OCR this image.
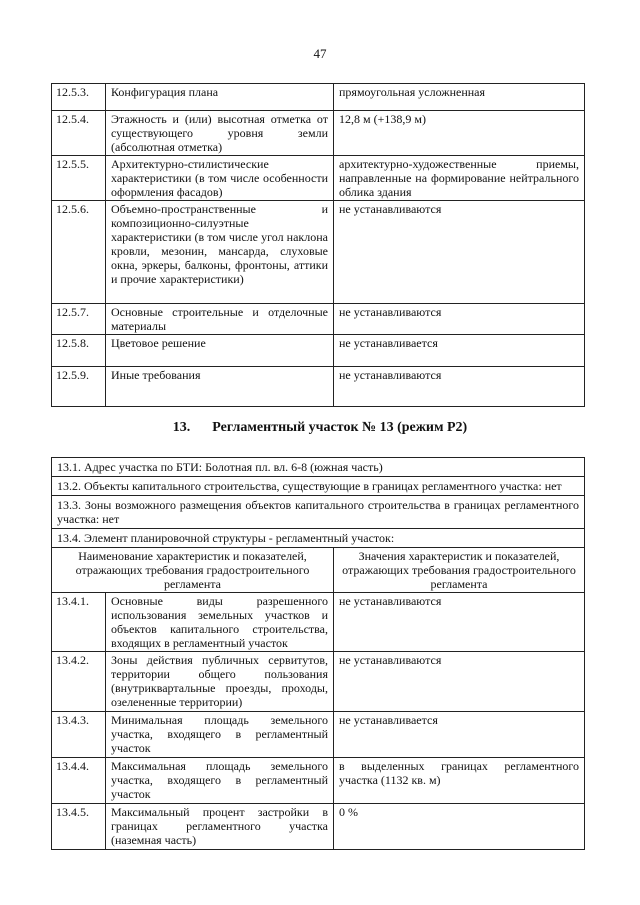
47
12.5.3.	Конфигурация плана	прямоугольная усложненная
12.5.4.	Этажность и (или) высотная отметка от существующего уровня земли (абсолютная отметка)	12,8 м (+138,9 м)
12.5.5.	Архитектурно-стилистические характеристики (в том числе особенности оформления фасадов)	архитектурно-художественные приемы, направленные на формирование нейтрального облика здания
12.5.6.	Объемно-пространственные и композиционно-силуэтные характеристики (в том числе угол наклона кровли, мезонин, мансарда, слуховые окна, эркеры, балконы, фронтоны, аттики и прочие характеристики)	не устанавливаются
12.5.7.	Основные строительные и отделочные материалы	не устанавливаются
12.5.8.	Цветовое решение	не устанавливается
12.5.9.	Иные требования	не устанавливаются
13. Регламентный участок № 13 (режим Р2)
13.1. Адрес участка по БТИ: Болотная пл. вл. 6-8 (южная часть)		
13.2. Объекты капитального строительства, существующие в границах регламентного участка: нет		
13.3. Зоны возможного размещения объектов капитального строительства в границах регламентного участка: нет		
13.4. Элемент планировочной структуры - регламентный участок:		
Наименование характеристик и показателей, отражающих требования градостроительного регламента		Значения характеристик и показателей, отражающих требования градостроительного регламента
13.4.1.	Основные виды разрешенного использования земельных участков и объектов капитального строительства, входящих в регламентный участок	не устанавливаются
13.4.2.	Зоны действия публичных сервитутов, территории общего пользования (внутриквартальные проезды, проходы, озелененные территории)	не устанавливаются
13.4.3.	Минимальная площадь земельного участка, входящего в регламентный участок	не устанавливается
13.4.4.	Максимальная площадь земельного участка, входящего в регламентный участок	в выделенных границах регламентного участка (1132 кв. м)
13.4.5.	Максимальный процент застройки в границах регламентного участка (наземная часть)	0 %
